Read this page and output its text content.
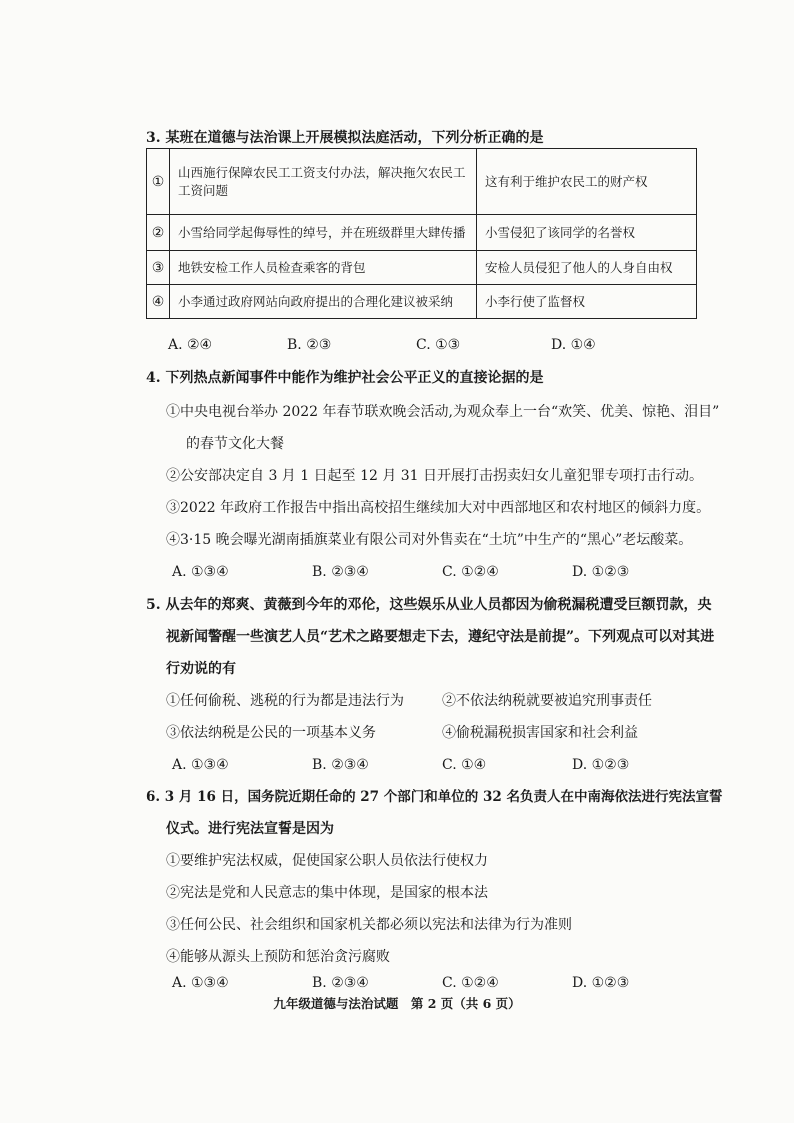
3. 某班在道德与法治课上开展模拟法庭活动，下列分析正确的是
①	山西施行保障农民工工资支付办法，解决拖欠农民工工资问题	这有利于维护农民工的财产权
②	小雪给同学起侮辱性的绰号，并在班级群里大肆传播	小雪侵犯了该同学的名誉权
③	地铁安检工作人员检查乘客的背包	安检人员侵犯了他人的人身自由权
④	小李通过政府网站向政府提出的合理化建议被采纳	小李行使了监督权
A. ②④	B. ②③	C. ①③	D. ①④
4. 下列热点新闻事件中能作为维护社会公平正义的直接论据的是
①中央电视台举办 2022 年春节联欢晚会活动,为观众奉上一台“欢笑、优美、惊艳、泪目”
的春节文化大餐
②公安部决定自 3 月 1 日起至 12 月 31 日开展打击拐卖妇女儿童犯罪专项打击行动。
③2022 年政府工作报告中指出高校招生继续加大对中西部地区和农村地区的倾斜力度。
④3·15 晚会曝光湖南插旗菜业有限公司对外售卖在“土坑”中生产的“黑心”老坛酸菜。
A. ①③④	B. ②③④	C. ①②④	D. ①②③
5. 从去年的郑爽、黄薇到今年的邓伦，这些娱乐从业人员都因为偷税漏税遭受巨额罚款，央
视新闻警醒一些演艺人员“艺术之路要想走下去，遵纪守法是前提”。下列观点可以对其进
行劝说的有
①任何偷税、逃税的行为都是违法行为	②不依法纳税就要被追究刑事责任
③依法纳税是公民的一项基本义务	④偷税漏税损害国家和社会利益
A. ①③④	B. ②③④	C. ①④	D. ①②③
6. 3 月 16 日，国务院近期任命的 27 个部门和单位的 32 名负责人在中南海依法进行宪法宣誓
仪式。进行宪法宣誓是因为
①要维护宪法权威，促使国家公职人员依法行使权力
②宪法是党和人民意志的集中体现，是国家的根本法
③任何公民、社会组织和国家机关都必须以宪法和法律为行为准则
④能够从源头上预防和惩治贪污腐败
A. ①③④	B. ②③④	C. ①②④	D. ①②③
九年级道德与法治试题　第 2 页（共 6 页）
